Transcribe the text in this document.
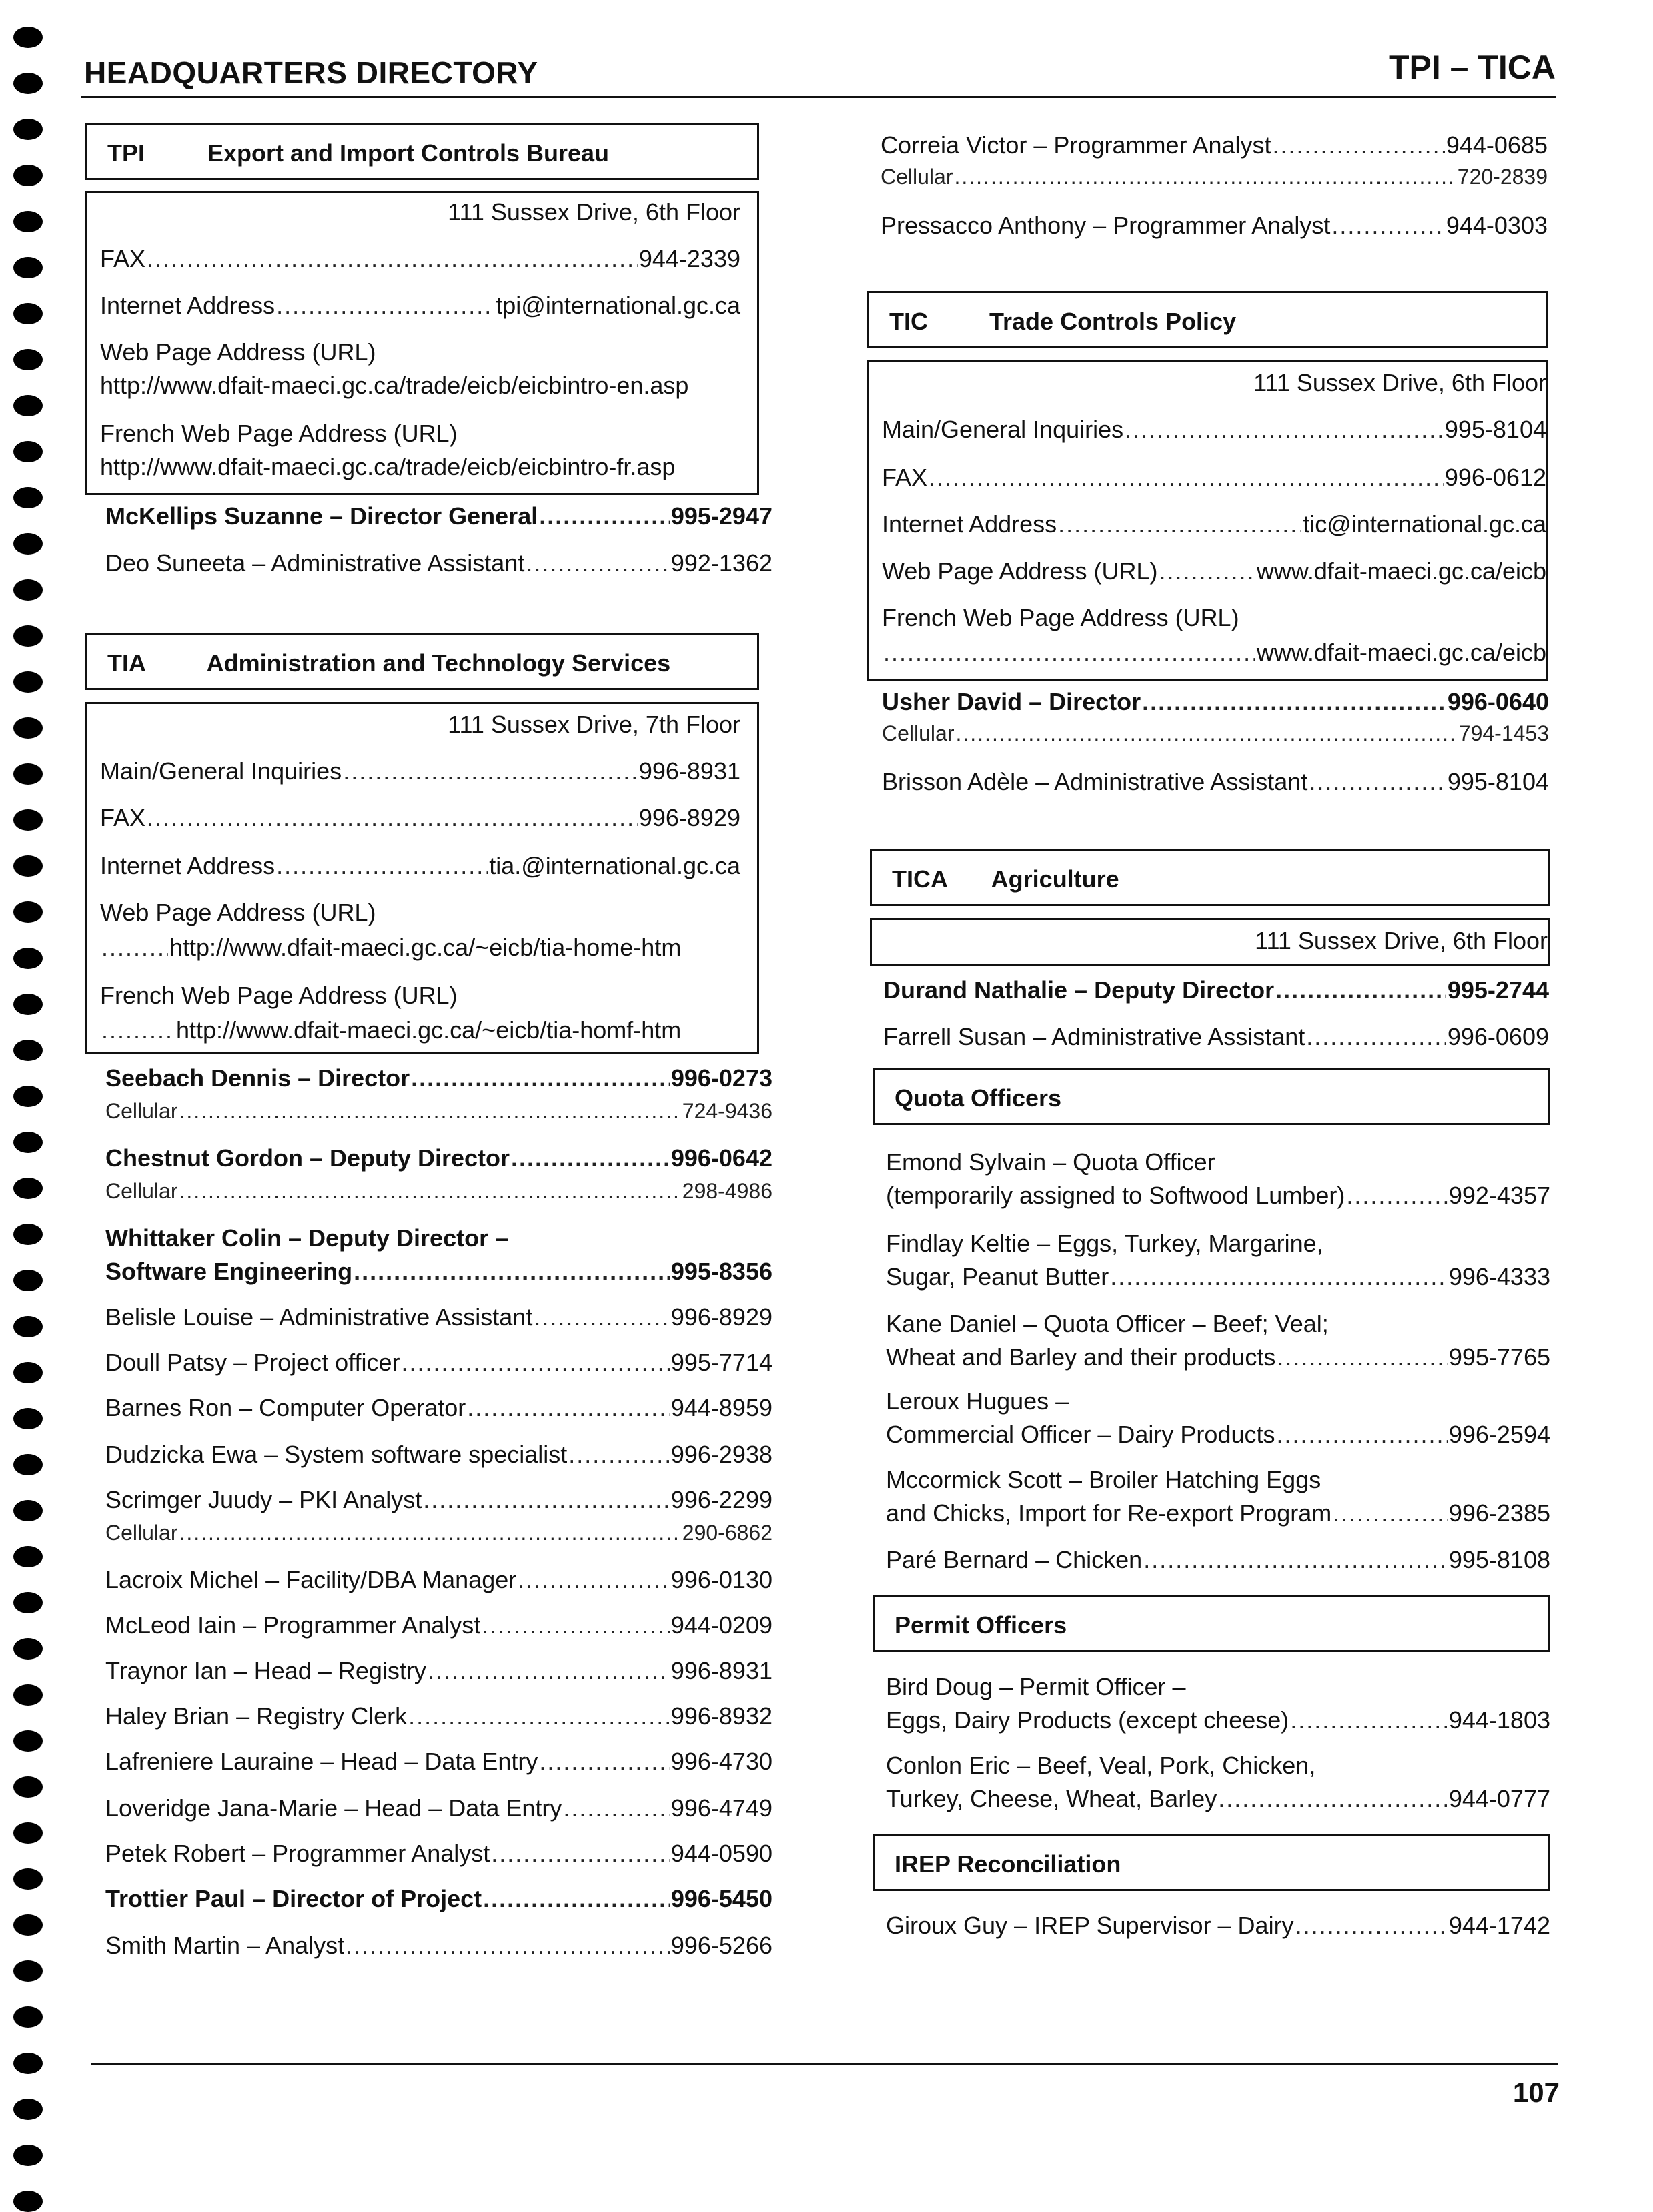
HEADQUARTERS DIRECTORY	TPI – TICA
TPI	Export and Import Controls Bureau
111 Sussex Drive, 6th Floor
FAX .....	944-2339
Internet Address .....	tpi@international.gc.ca
Web Page Address (URL)
http://www.dfait-maeci.gc.ca/trade/eicb/eicbintro-en.asp
French Web Page Address (URL)
http://www.dfait-maeci.gc.ca/trade/eicb/eicbintro-fr.asp
McKellips Suzanne – Director General .....	995-2947
Deo Suneeta – Administrative Assistant .....	992-1362
TIA	Administration and Technology Services
111 Sussex Drive, 7th Floor
Main/General Inquiries .....	996-8931
FAX .....	996-8929
Internet Address .....	tia.@international.gc.ca
Web Page Address (URL)
.....
http://www.dfait-maeci.gc.ca/~eicb/tia-home-htm
French Web Page Address (URL)
.....
http://www.dfait-maeci.gc.ca/~eicb/tia-homf-htm
Seebach Dennis – Director .....	996-0273
Cellular .....	724-9436
Chestnut Gordon – Deputy Director .....	996-0642
Cellular .....	298-4986
Whittaker Colin – Deputy Director –
Software Engineering .....	995-8356
Belisle Louise – Administrative Assistant .....	996-8929
Doull Patsy – Project officer .....	995-7714
Barnes Ron – Computer Operator .....	944-8959
Dudzicka Ewa – System software specialist .....	996-2938
Scrimger Juudy – PKI Analyst .....	996-2299
Cellular .....	290-6862
Lacroix Michel – Facility/DBA Manager .....	996-0130
McLeod Iain – Programmer Analyst .....	944-0209
Traynor Ian – Head – Registry .....	996-8931
Haley Brian – Registry Clerk .....	996-8932
Lafreniere Lauraine – Head – Data Entry .....	996-4730
Loveridge Jana-Marie – Head – Data Entry .....	996-4749
Petek Robert – Programmer Analyst .....	944-0590
Trottier Paul – Director of Project .....	996-5450
Smith Martin – Analyst .....	996-5266
Correia Victor – Programmer Analyst .....	944-0685
Cellular .....	720-2839
Pressacco Anthony – Programmer Analyst .....	944-0303
TIC	Trade Controls Policy
111 Sussex Drive, 6th Floor
Main/General Inquiries .....	995-8104
FAX .....	996-0612
Internet Address .....	tic@international.gc.ca
Web Page Address (URL) .....	www.dfait-maeci.gc.ca/eicb
French Web Page Address (URL)
.....
www.dfait-maeci.gc.ca/eicb
Usher David – Director .....	996-0640
Cellular .....	794-1453
Brisson Adèle – Administrative Assistant .....	995-8104
TICA Agriculture
111 Sussex Drive, 6th Floor
Durand Nathalie – Deputy Director .....	995-2744
Farrell Susan – Administrative Assistant .....	996-0609
Quota Officers
Emond Sylvain – Quota Officer
(temporarily assigned to Softwood Lumber) .....	992-4357
Findlay Keltie – Eggs, Turkey, Margarine,
Sugar, Peanut Butter .....	996-4333
Kane Daniel – Quota Officer – Beef; Veal;
Wheat and Barley and their products .....	995-7765
Leroux Hugues –
Commercial Officer – Dairy Products .....	996-2594
Mccormick Scott – Broiler Hatching Eggs
and Chicks, Import for Re-export Program .....	996-2385
Paré Bernard – Chicken .....	995-8108
Permit Officers
Bird Doug – Permit Officer –
Eggs, Dairy Products (except cheese) .....	944-1803
Conlon Eric – Beef, Veal, Pork, Chicken,
Turkey, Cheese, Wheat, Barley .....	944-0777
IREP Reconciliation
Giroux Guy – IREP Supervisor – Dairy .....	944-1742
107
